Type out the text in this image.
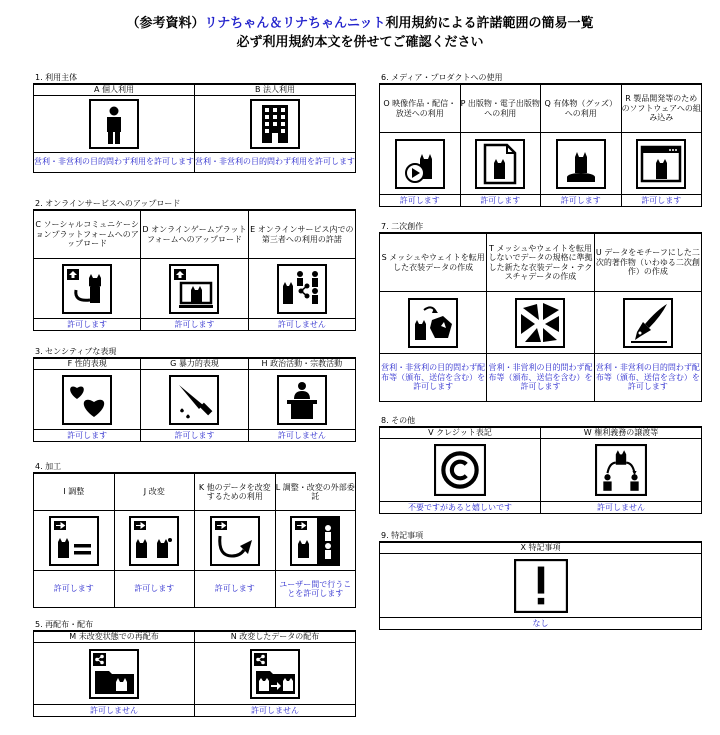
（参考資料）リナちゃん＆リナちゃんニット利用規約による許諾範囲の簡易一覧
必ず利用規約本文を併せてご確認ください
1. 利用主体
A 個人利用	B 法人利用

営利・非営利の目的問わず利用を許可します	営利・非営利の目的問わず利用を許可します
2. オンラインサービスへのアップロード
C ソーシャルコミュニケーションプラットフォームへのアップロード	D オンラインゲームプラットフォームへのアップロード	E オンラインサービス内での第三者への利用の許諾

許可します	許可します	許可しません
3. センシティブな表現
F 性的表現	G 暴力的表現	H 政治活動・宗教活動

許可します	許可します	許可しません
4. 加工
I 調整	J 改変	K 他のデータを改変するための利用	L 調整・改変の外部委託

許可します	許可します	許可します	ユーザー間で行うことを許可します
5. 再配布・配布
M 未改変状態での再配布	N 改変したデータの配布

許可しません	許可しません
6. メディア・プロダクトへの使用
O 映像作品・配信・放送への利用	P 出版物・電子出版物への利用	Q 有体物（グッズ）への利用	R 製品開発等のためのソフトウェアへの組み込み

許可します	許可します	許可します	許可します
7. 二次創作
S メッシュやウェイトを転用した衣装データの作成	T メッシュやウェイトを転用しないでデータの規格に準拠した新たな衣装データ・テクスチャデータの作成	U データをモチーフにした二次的著作物（いわゆる二次創作）の作成

営利・非営利の目的問わず配布等（頒布、送信を含む）を許可します	営利・非営利の目的問わず配布等（頒布、送信を含む）を許可します	営利・非営利の目的問わず配布等（頒布、送信を含む）を許可します
8. その他
V クレジット表記	W 権利義務の譲渡等

不要ですがあると嬉しいです	許可しません
9. 特記事項
X 特記事項

なし
